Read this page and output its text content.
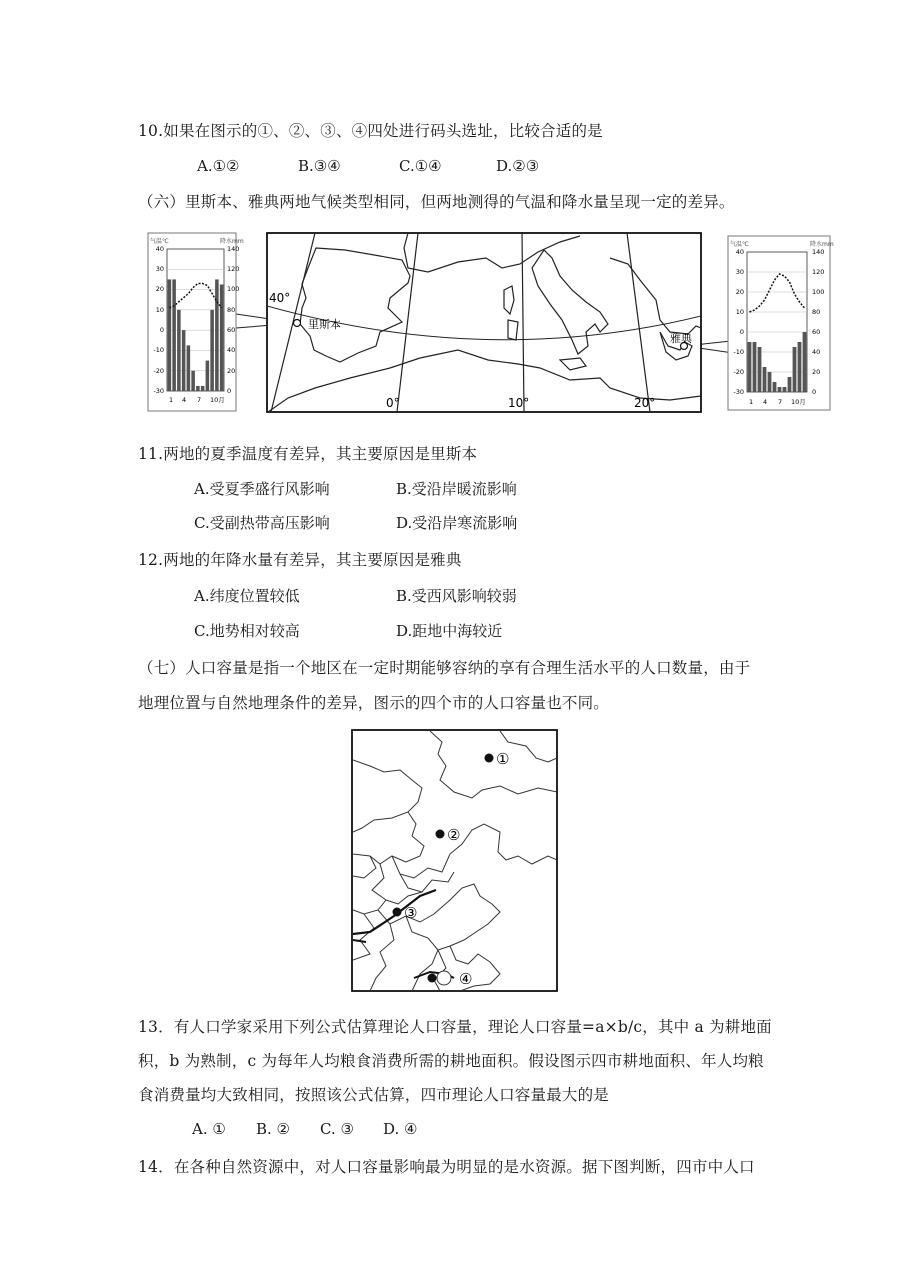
10.如果在图示的①、②、③、④四处进行码头选址，比较合适的是
A.①②	B.③④	C.①④	D.②③
（六）里斯本、雅典两地气候类型相同，但两地测得的气温和降水量呈现一定的差异。
气温℃	降水mm
40
30
20
10
0
-10
-20
-30
140
120
100
80
60
40
20
0
1 4 7 10月
40°
里斯本
雅典
0°	10°	20°
气温℃	降水mm
40
30
20
10
0
-10
-20
-30
140
120
100
80
60
40
20
0
1 4 7 10月
11.两地的夏季温度有差异，其主要原因是里斯本
A.受夏季盛行风影响	B.受沿岸暖流影响
C.受副热带高压影响	D.受沿岸寒流影响
12.两地的年降水量有差异，其主要原因是雅典
A.纬度位置较低	B.受西风影响较弱
C.地势相对较高	D.距地中海较近
（七）人口容量是指一个地区在一定时期能够容纳的享有合理生活水平的人口数量，由于
地理位置与自然地理条件的差异，图示的四个市的人口容量也不同。
①
②
③
④
13．有人口学家采用下列公式估算理论人口容量，理论人口容量=a×b/c，其中 a 为耕地面
积，b 为熟制，c 为每年人均粮食消费所需的耕地面积。假设图示四市耕地面积、年人均粮
食消费量均大致相同，按照该公式估算，四市理论人口容量最大的是
A. ① B. ② C. ③ D. ④
14．在各种自然资源中，对人口容量影响最为明显的是水资源。据下图判断，四市中人口
